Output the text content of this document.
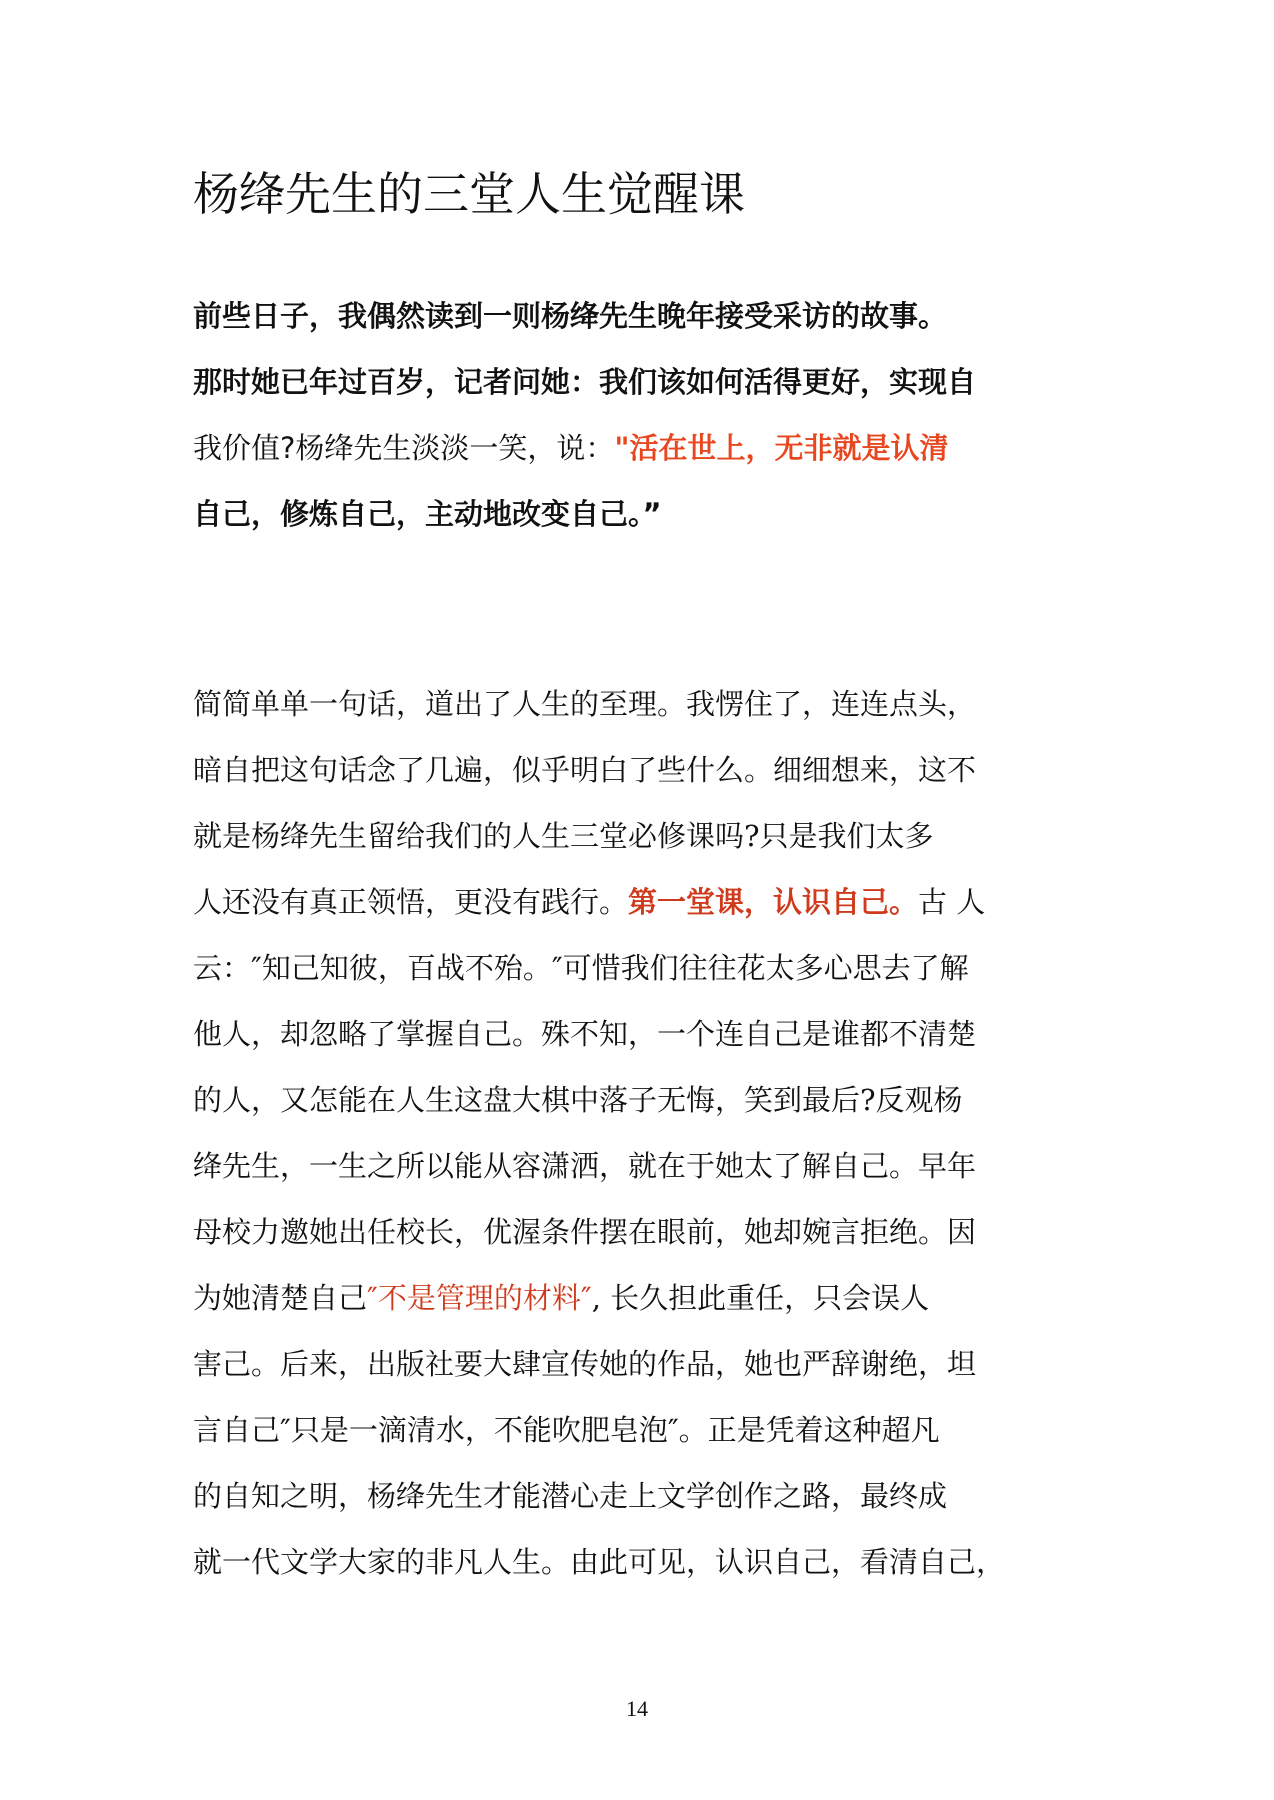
杨绛先生的三堂人生觉醒课
前些日子，我偶然读到一则杨绛先生晚年接受采访的故事。
那时她已年过百岁，记者问她：我们该如何活得更好，实现自
我价值?杨绛先生淡淡一笑，说："活在世上，无非就是认清
自己，修炼自己，主动地改变自己。”
简简单单一句话，道出了人生的至理。我愣住了，连连点头，
暗自把这句话念了几遍，似乎明白了些什么。细细想来，这不
就是杨绛先生留给我们的人生三堂必修课吗?只是我们太多
人还没有真正领悟，更没有践行。第一堂课，认识自己。古 人
云：″知己知彼，百战不殆。″可惜我们往往花太多心思去了解
他人，却忽略了掌握自己。殊不知，一个连自己是谁都不清楚
的人，又怎能在人生这盘大棋中落子无悔，笑到最后?反观杨
绛先生，一生之所以能从容潇洒，就在于她太了解自己。早年
母校力邀她出任校长，优渥条件摆在眼前，她却婉言拒绝。因
为她清楚自己″不是管理的材料″, 长久担此重任，只会误人
害己。后来，出版社要大肆宣传她的作品，她也严辞谢绝，坦
言自己″只是一滴清水，不能吹肥皂泡″。正是凭着这种超凡
的自知之明，杨绛先生才能潜心走上文学创作之路，最终成
就一代文学大家的非凡人生。由此可见，认识自己，看清自己，
14
